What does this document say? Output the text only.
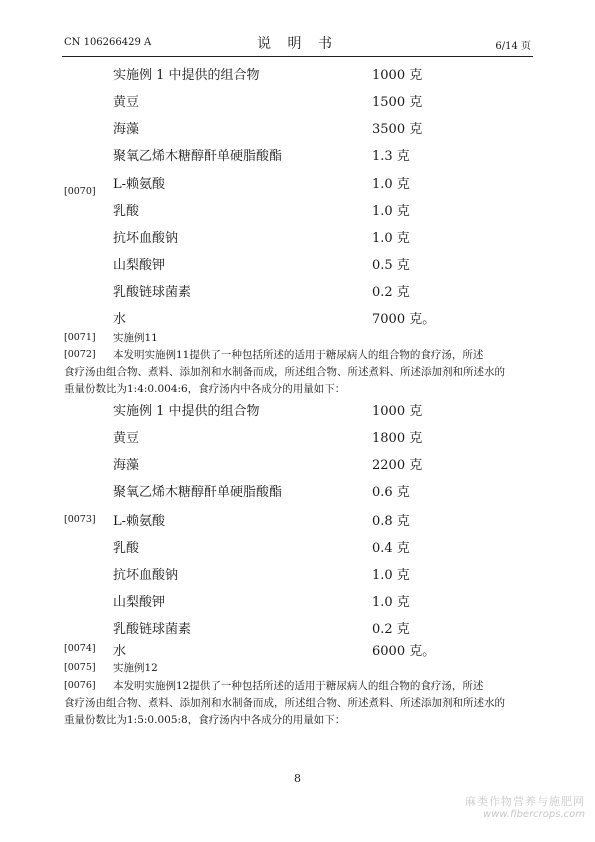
CN 106266429 A	说 明 书	6/14 页
[0070]
实施例 1 中提供的组合物	1000 克
黄豆	1500 克
海藻	3500 克
聚氧乙烯木糖醇酐单硬脂酸酯	1.3 克
L-赖氨酸	1.0 克
乳酸	1.0 克
抗坏血酸钠	1.0 克
山梨酸钾	0.5 克
乳酸链球菌素	0.2 克
水	7000 克。
[0071] 实施例11
[0072] 本发明实施例11提供了一种包括所述的适用于糖尿病人的组合物的食疗汤，所述
食疗汤由组合物、煮料、添加剂和水制备而成，所述组合物、所述煮料、所述添加剂和所述水的
重量份数比为1:4:0.004:6，食疗汤内中各成分的用量如下：
[0073]
实施例 1 中提供的组合物	1000 克
黄豆	1800 克
海藻	2200 克
聚氧乙烯木糖醇酐单硬脂酸酯	0.6 克
L-赖氨酸	0.8 克
乳酸	0.4 克
抗坏血酸钠	1.0 克
山梨酸钾	1.0 克
乳酸链球菌素	0.2 克
[0074] 水	6000 克。
[0075] 实施例12
[0076] 本发明实施例12提供了一种包括所述的适用于糖尿病人的组合物的食疗汤，所述
食疗汤由组合物、煮料、添加剂和水制备而成，所述组合物、所述煮料、所述添加剂和所述水的
重量份数比为1:5:0.005:8，食疗汤内中各成分的用量如下：
8
麻类作物营养与施肥网
www.fibercrops.com
